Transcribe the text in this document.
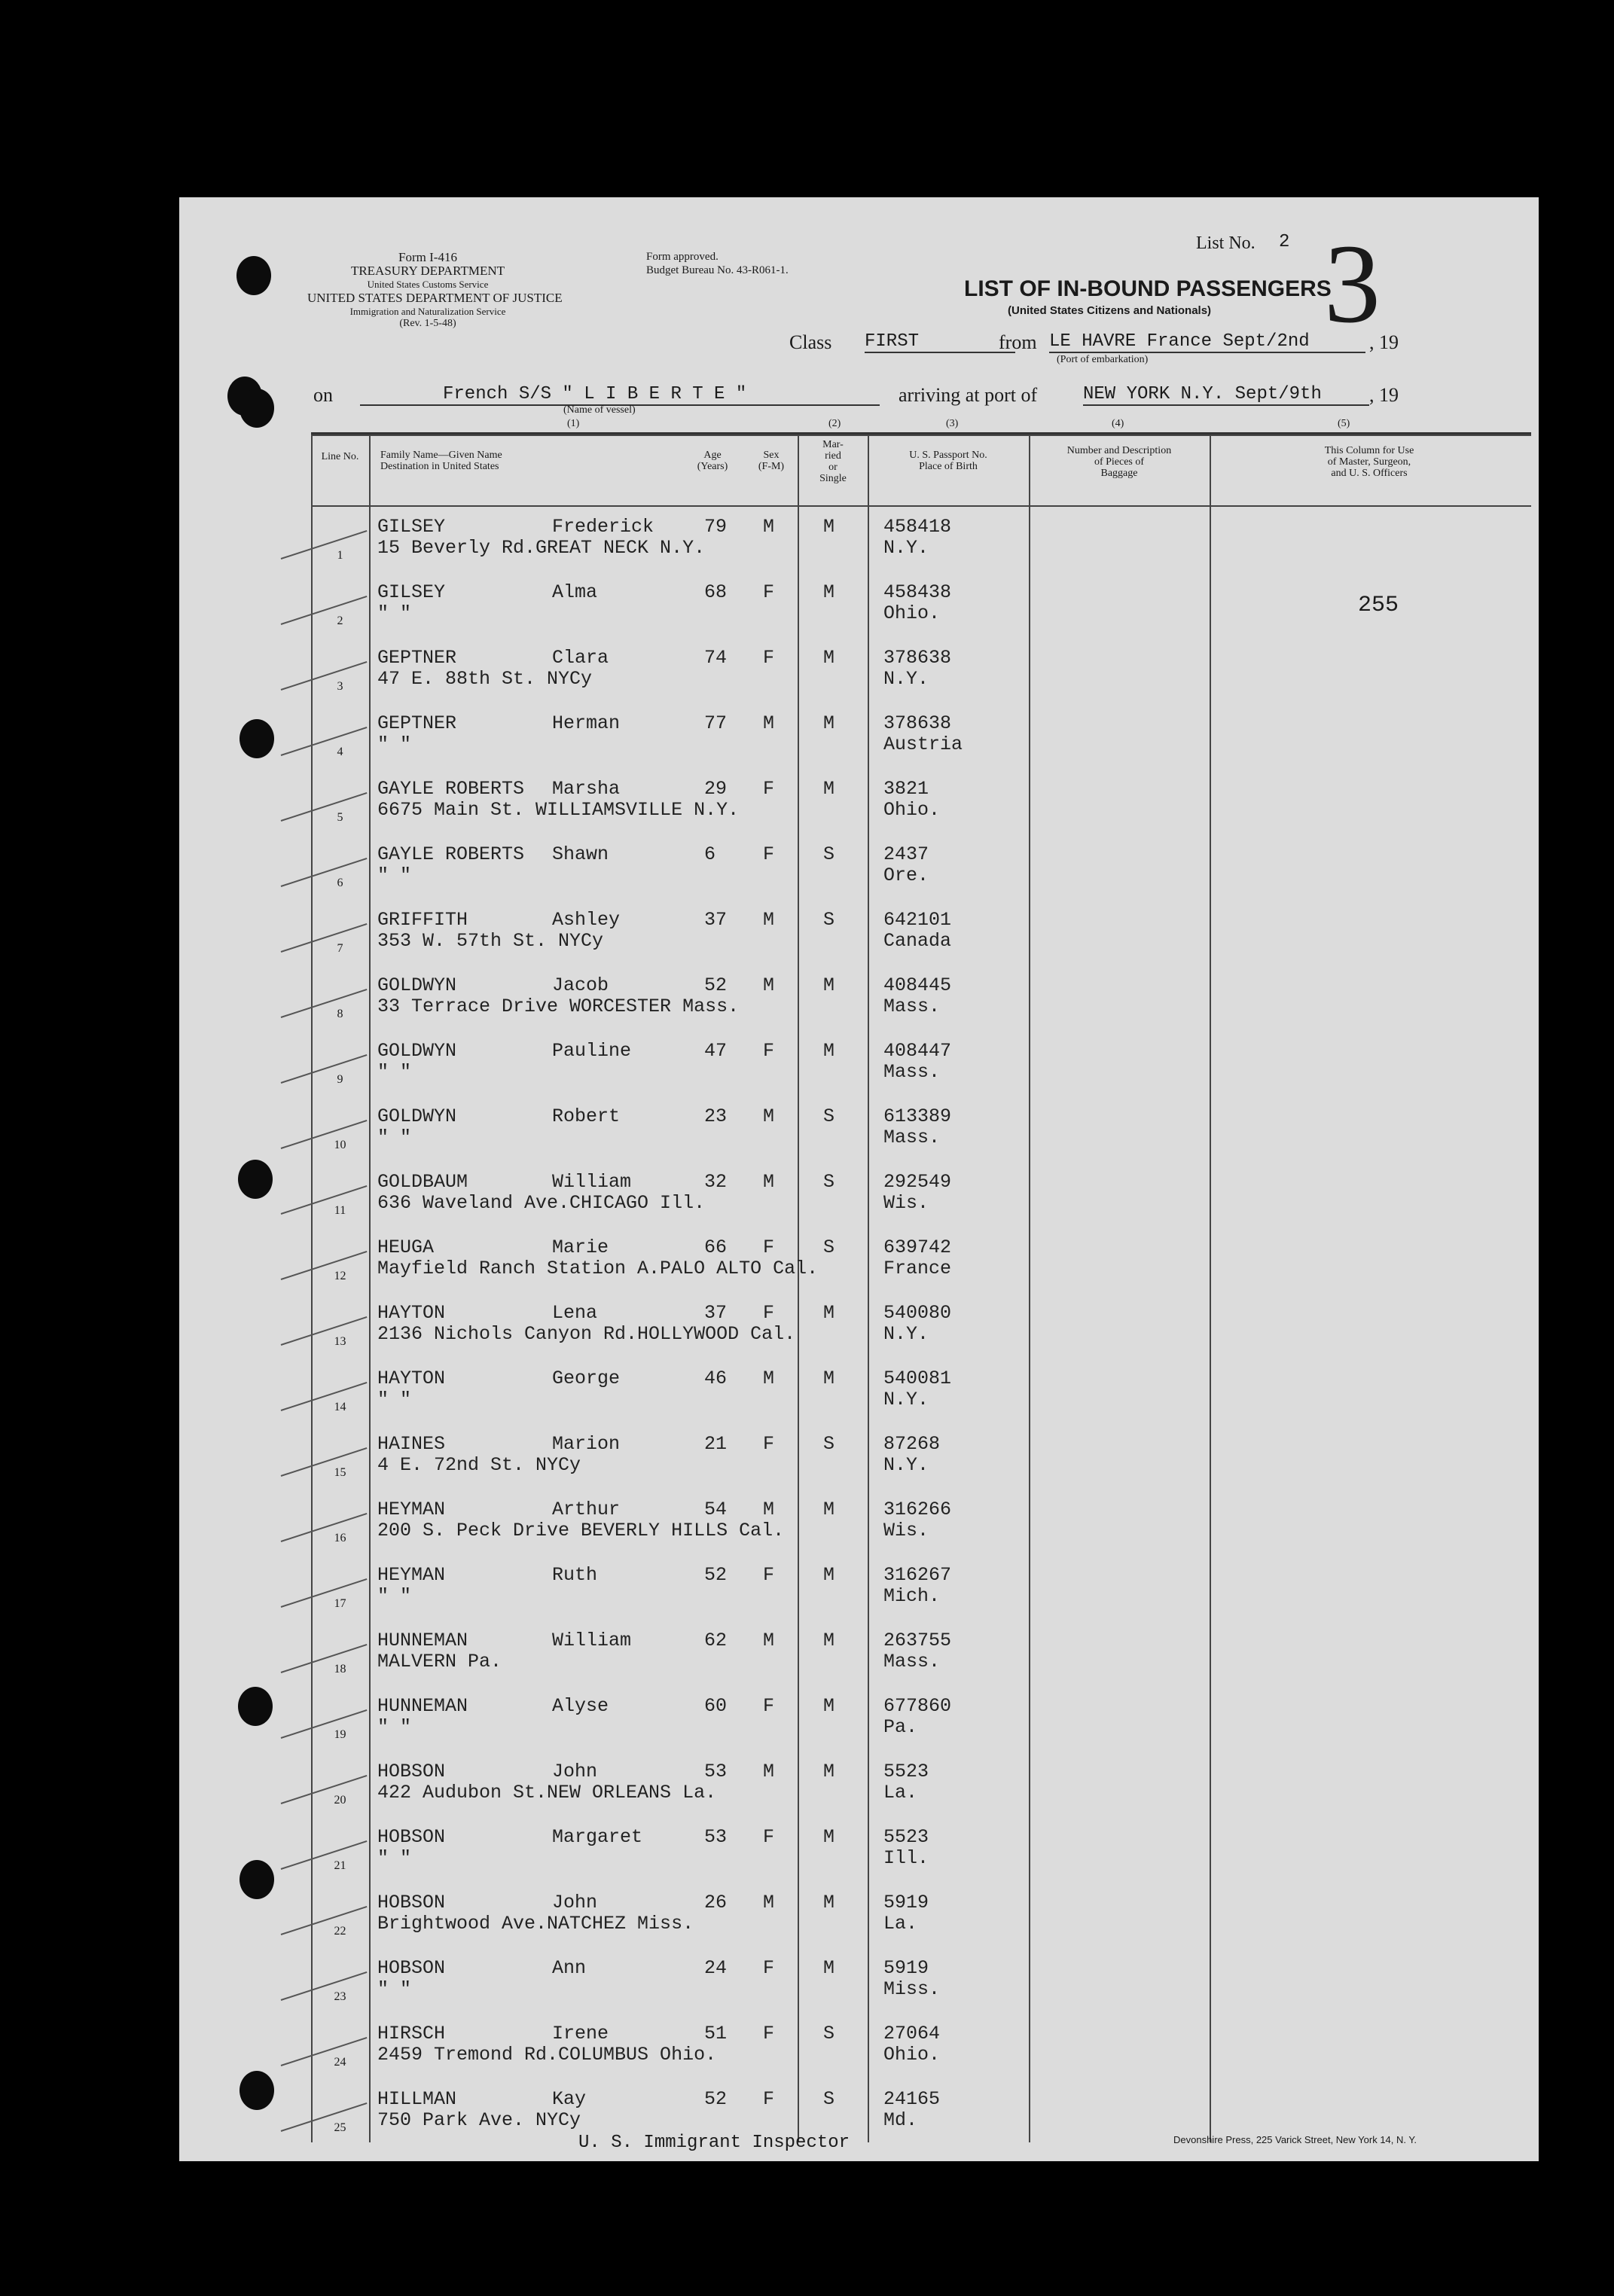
Form I-416
TREASURY DEPARTMENT
United States Customs Service
UNITED STATES DEPARTMENT OF JUSTICE
Immigration and Naturalization Service
(Rev. 1-5-48)
Form approved.
Budget Bureau No. 43-R061-1.
List No. 2 3
LIST OF IN-BOUND PASSENGERS
(United States Citizens and Nationals)
Class FIRST	from LE HAVRE France Sept/2nd	, 19
(Port of embarkation)
on	French S/S " L I B E R T E "
(Name of vessel)
arriving at port of	NEW YORK N.Y. Sept/9th	, 19
(1)	(2)	(3)	(4)	(5)
Line No.	Family Name—Given Name
Destination in United States
Age
(Years)
Sex
(F-M)
Mar-
ried
or
Single
U. S. Passport No.
Place of Birth
Number and Description
of Pieces of
Baggage
This Column for Use
of Master, Surgeon,
and U. S. Officers
1
GILSEY	Frederick
15 Beverly Rd.GREAT NECK N.Y.
79 M	M	458418
N.Y.
2
GILSEY	Alma
" "
68 F	M	458438
Ohio.
3
GEPTNER	Clara
47 E. 88th St. NYCy
74 F	M	378638
N.Y.
4
GEPTNER	Herman
" "
77 M	M	378638
Austria
5
GAYLE ROBERTS Marsha
6675 Main St. WILLIAMSVILLE N.Y.
29 F	M	3821
Ohio.
6
GAYLE ROBERTS Shawn
" "
6	F	S	2437
Ore.
7
GRIFFITH	Ashley
353 W. 57th St. NYCy
37 M	S	642101
Canada
8
GOLDWYN	Jacob
33 Terrace Drive WORCESTER Mass.
52 M	M	408445
Mass.
9
GOLDWYN	Pauline
" "
47 F	M	408447
Mass.
10
GOLDWYN	Robert
" "
23 M	S	613389
Mass.
11
GOLDBAUM	William
636 Waveland Ave.CHICAGO Ill.
32 M	S	292549
Wis.
12
HEUGA	Marie
Mayfield Ranch Station A.PALO ALTO Cal.
66 F	S	639742
France
13
HAYTON	Lena
2136 Nichols Canyon Rd.HOLLYWOOD Cal.
37 F	M	540080
N.Y.
14
HAYTON	George
" "
46 M	M	540081
N.Y.
15
HAINES	Marion
4 E. 72nd St. NYCy
21 F	S	87268
N.Y.
16
HEYMAN	Arthur
200 S. Peck Drive BEVERLY HILLS Cal.
54 M	M	316266
Wis.
17
HEYMAN	Ruth
" "
52 F	M	316267
Mich.
18
HUNNEMAN	William
MALVERN Pa.
62 M	M	263755
Mass.
19
HUNNEMAN	Alyse
" "
60 F	M	677860
Pa.
20
HOBSON	John
422 Audubon St.NEW ORLEANS La.
53 M	M	5523
La.
21
HOBSON	Margaret
" "
53 F	M	5523
Ill.
22
HOBSON	John
Brightwood Ave.NATCHEZ Miss.
26 M	M	5919
La.
23
HOBSON	Ann
" "
24 F	M	5919
Miss.
24
HIRSCH	Irene
2459 Tremond Rd.COLUMBUS Ohio.
51 F	S	27064
Ohio.
25
HILLMAN	Kay
750 Park Ave. NYCy
52 F	S	24165
Md.
255
U. S. Immigrant Inspector	Devonshire Press, 225 Varick Street, New York 14, N. Y.
